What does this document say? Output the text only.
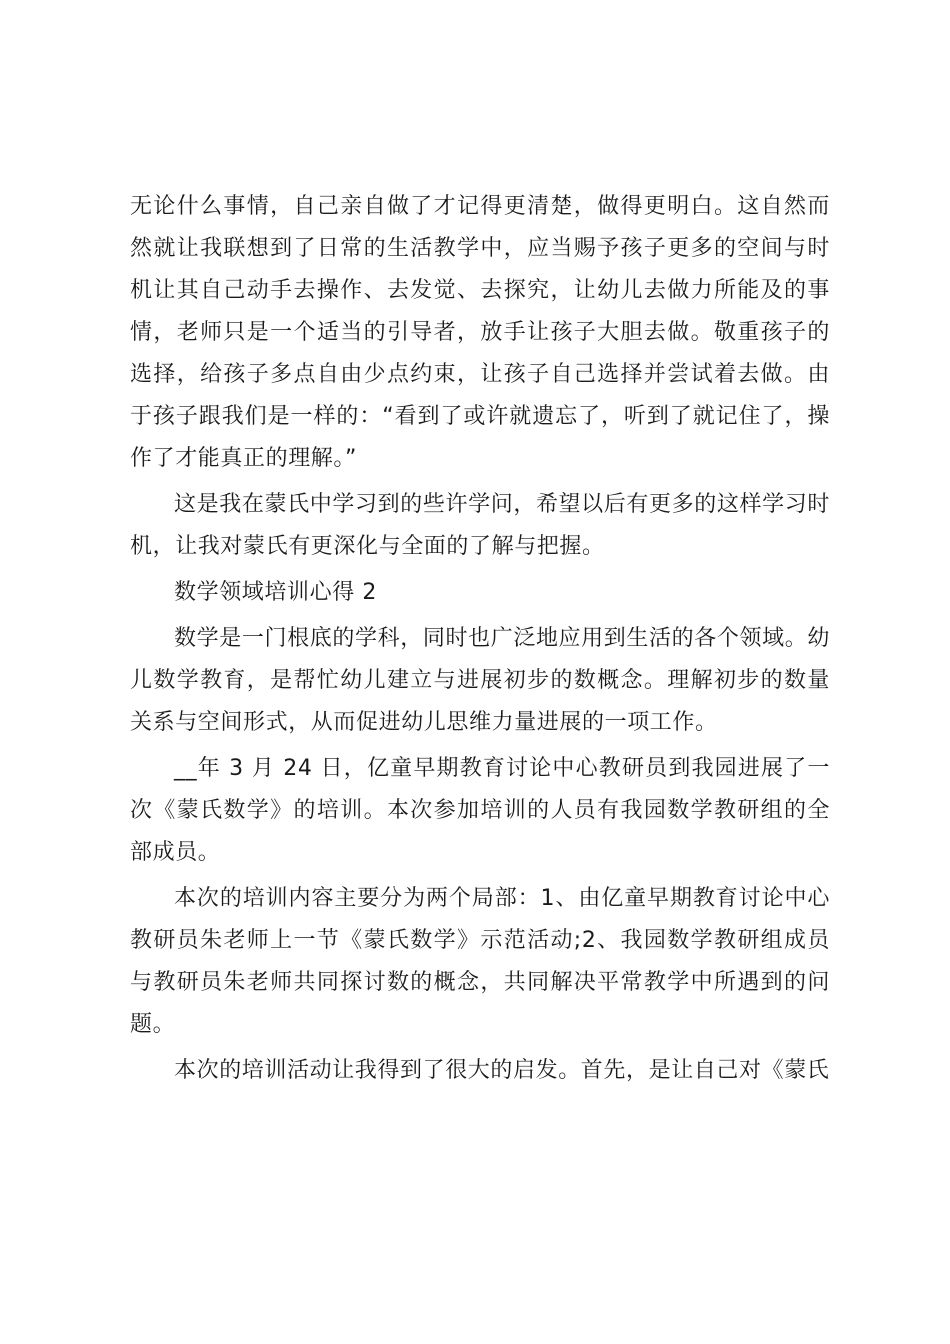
无论什么事情，自己亲自做了才记得更清楚，做得更明白。这自然而然就让我联想到了日常的生活教学中，应当赐予孩子更多的空间与时机让其自己动手去操作、去发觉、去探究，让幼儿去做力所能及的事情，老师只是一个适当的引导者，放手让孩子大胆去做。敬重孩子的选择，给孩子多点自由少点约束，让孩子自己选择并尝试着去做。由于孩子跟我们是一样的：“看到了或许就遗忘了，听到了就记住了，操作了才能真正的理解。”

这是我在蒙氏中学习到的些许学问，希望以后有更多的这样学习时机，让我对蒙氏有更深化与全面的了解与把握。

数学领域培训心得 2

数学是一门根底的学科，同时也广泛地应用到生活的各个领域。幼儿数学教育，是帮忙幼儿建立与进展初步的数概念。理解初步的数量关系与空间形式，从而促进幼儿思维力量进展的一项工作。

__年 3 月 24 日，亿童早期教育讨论中心教研员到我园进展了一次《蒙氏数学》的培训。本次参加培训的人员有我园数学教研组的全部成员。

本次的培训内容主要分为两个局部：1、由亿童早期教育讨论中心教研员朱老师上一节《蒙氏数学》示范活动;2、我园数学教研组成员与教研员朱老师共同探讨数的概念，共同解决平常教学中所遇到的问题。

本次的培训活动让我得到了很大的启发。首先，是让自己对《蒙氏
